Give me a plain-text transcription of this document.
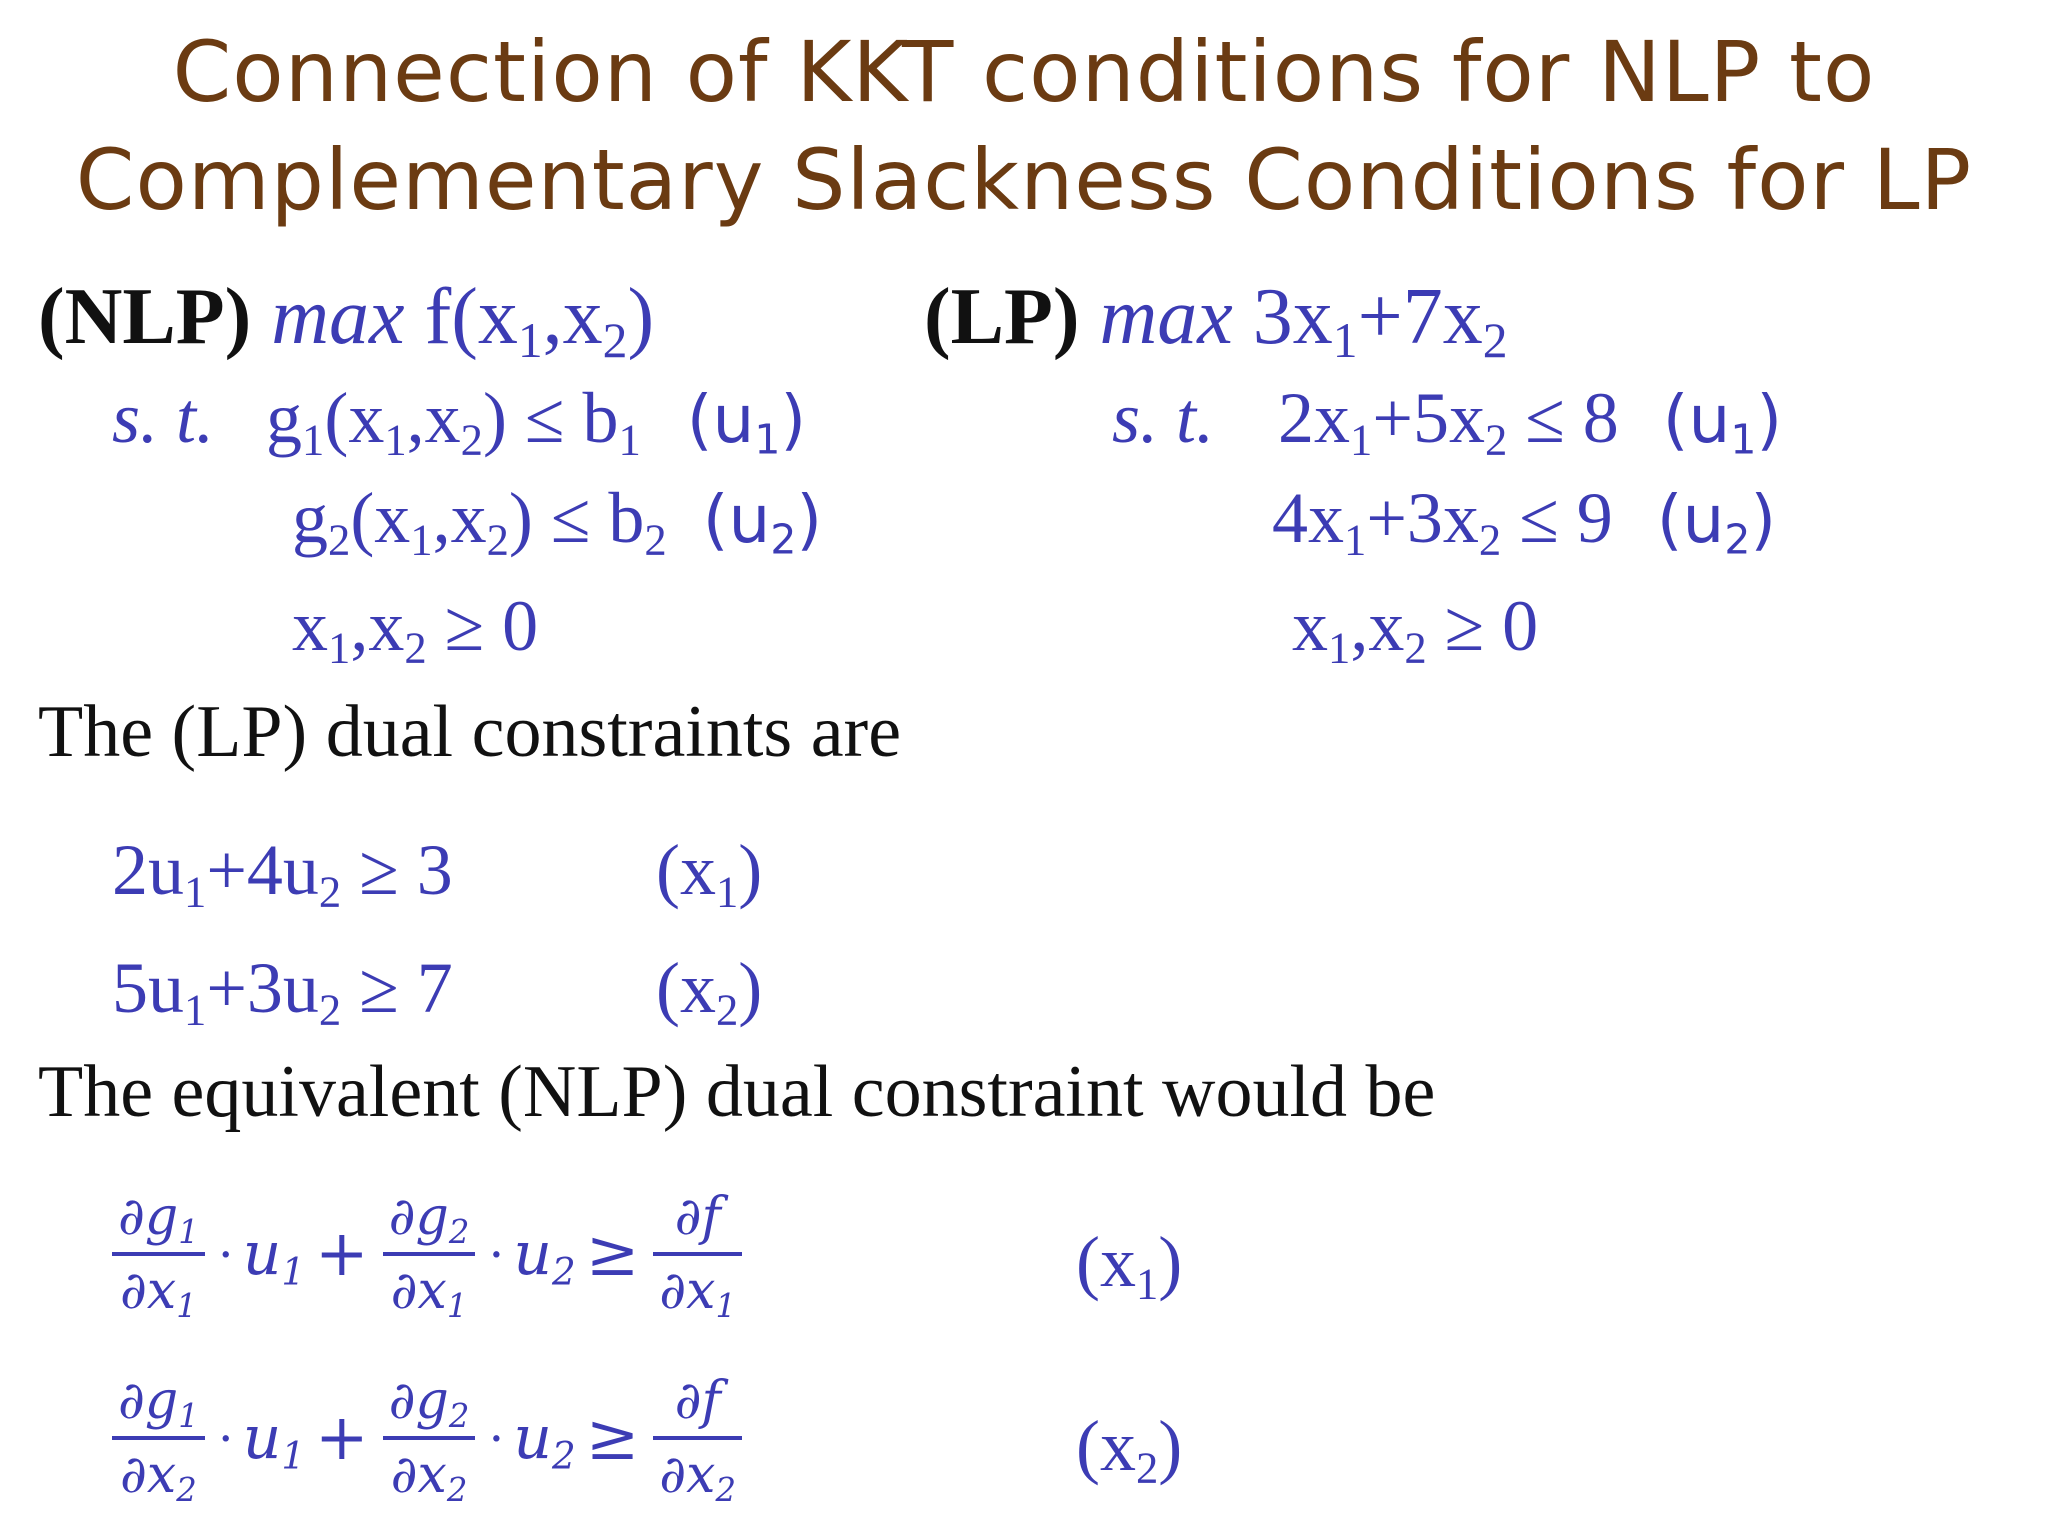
Connection of KKT conditions for NLP to
Complementary Slackness Conditions for LP
(NLP) $\max f(x_1,x_2)$
s. t. $g_1(x_1,x_2) \le b_1$ $(u_1)$
$g_2(x_1,x_2) \le b_2$ $(u_2)$
$x_1,x_2 \ge 0$
(LP) $\max 3x_1+7x_2$
s. t. $2x_1+5x_2 \le 8$ $(u_1)$
$4x_1+3x_2 \le 9$ $(u_2)$
$x_1,x_2 \ge 0$
The (LP) dual constraints are
$2u_1+4u_2 \ge 3$	$(x_1)$
$5u_1+3u_2 \ge 7$	$(x_2)$
The equivalent (NLP) dual constraint would be
$\frac{\partial g_1}{\partial x_1} \cdot u_1 + \frac{\partial g_2}{\partial x_1} \cdot u_2 \ge \frac{\partial f}{\partial x_1}$	$(x_1)$
$\frac{\partial g_1}{\partial x_2} \cdot u_1 + \frac{\partial g_2}{\partial x_2} \cdot u_2 \ge \frac{\partial f}{\partial x_2}$	$(x_2)$
